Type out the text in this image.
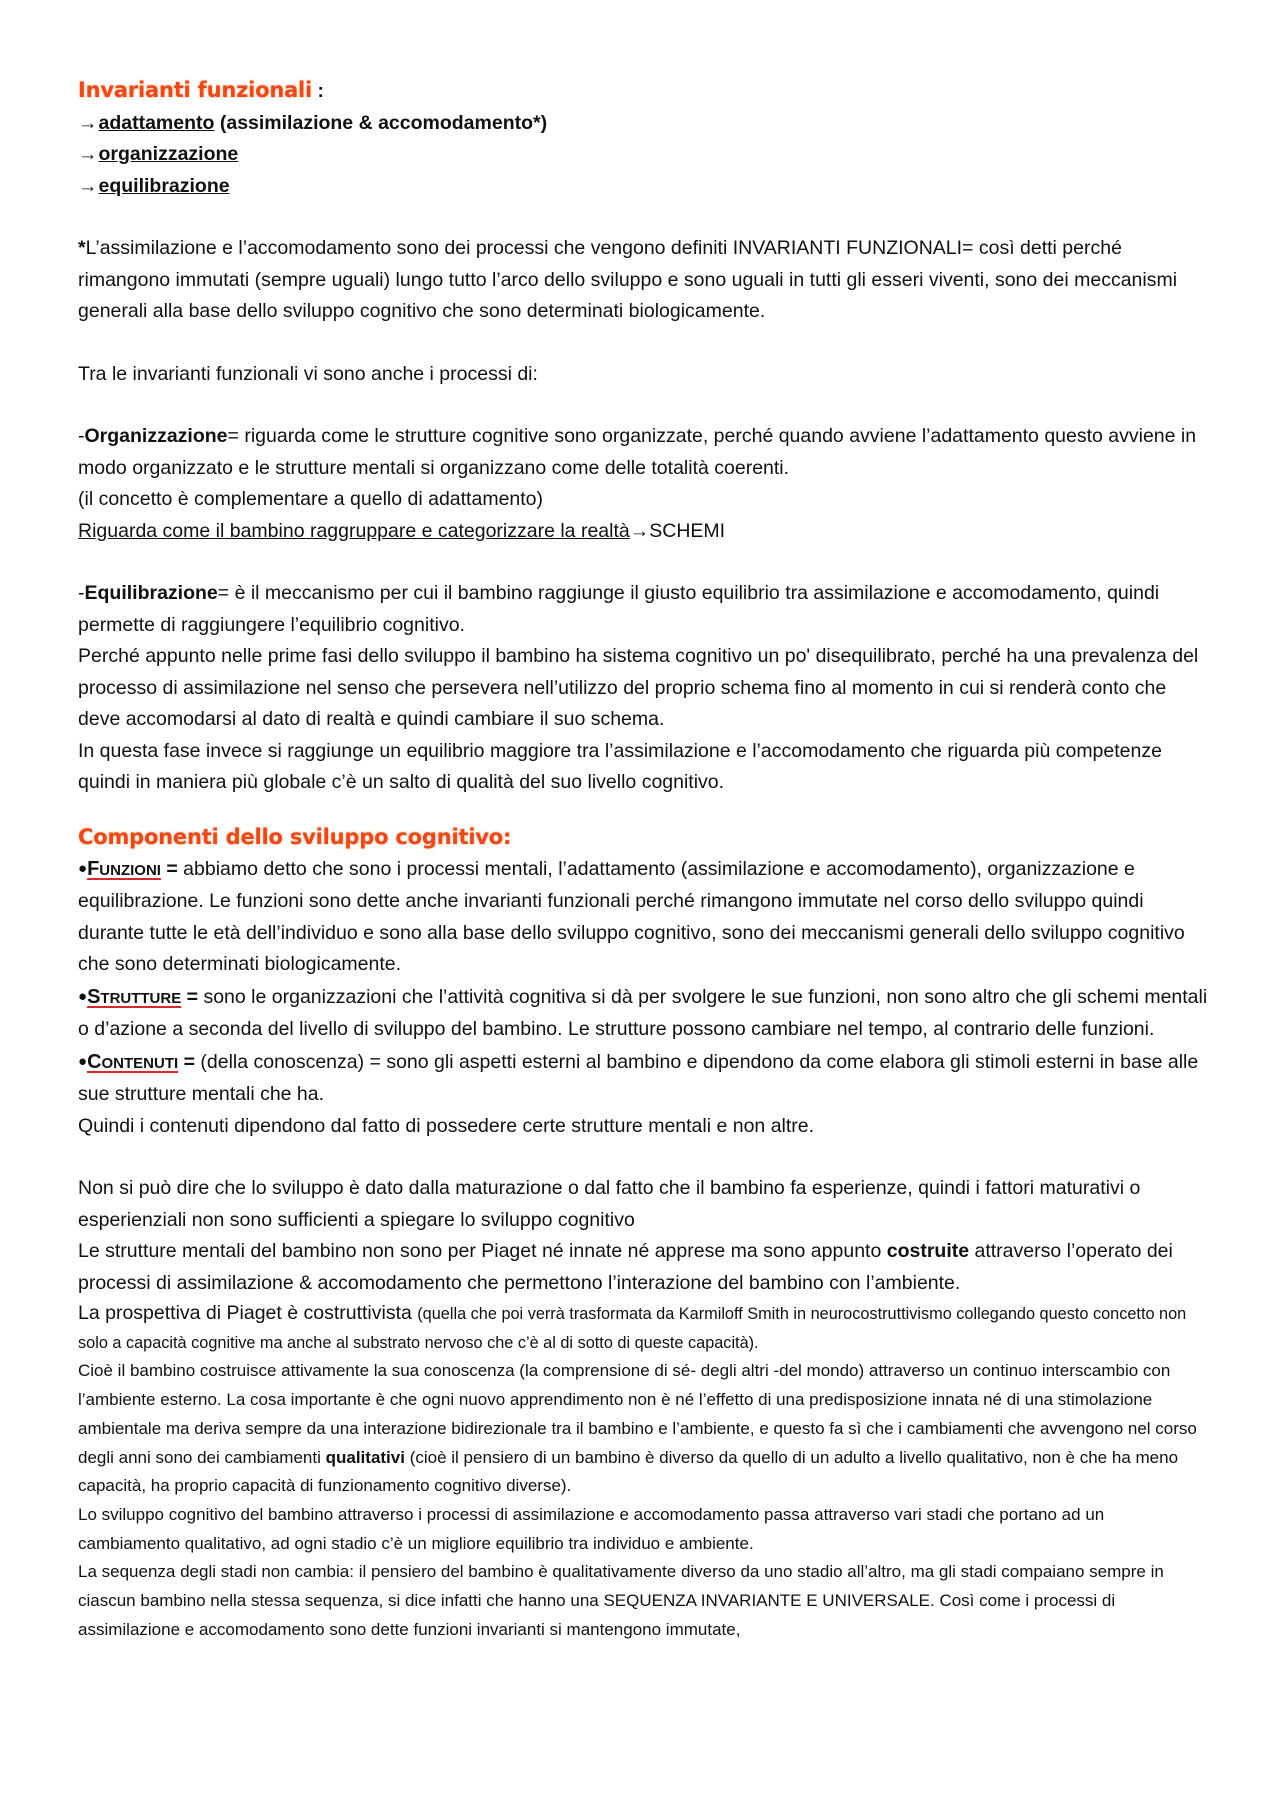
Invarianti funzionali :
→adattamento (assimilazione & accomodamento*)
→organizzazione
→equilibrazione

*L’assimilazione e l’accomodamento sono dei processi che vengono definiti INVARIANTI FUNZIONALI= così detti perché rimangono immutati (sempre uguali) lungo tutto l’arco dello sviluppo e sono uguali in tutti gli esseri viventi, sono dei meccanismi generali alla base dello sviluppo cognitivo che sono determinati biologicamente.

Tra le invarianti funzionali vi sono anche i processi di:

-Organizzazione= riguarda come le strutture cognitive sono organizzate, perché quando avviene l’adattamento questo avviene in modo organizzato e le strutture mentali si organizzano come delle totalità coerenti.

(il concetto è complementare a quello di adattamento)

Riguarda come il bambino raggruppare e categorizzare la realtà→SCHEMI

-Equilibrazione= è il meccanismo per cui il bambino raggiunge il giusto equilibrio tra assimilazione e accomodamento, quindi permette di raggiungere l’equilibrio cognitivo.

Perché appunto nelle prime fasi dello sviluppo il bambino ha sistema cognitivo un po' disequilibrato, perché ha una prevalenza del processo di assimilazione nel senso che persevera nell’utilizzo del proprio schema fino al momento in cui si renderà conto che deve accomodarsi al dato di realtà e quindi cambiare il suo schema.

In questa fase invece si raggiunge un equilibrio maggiore tra l’assimilazione e l’accomodamento che riguarda più competenze quindi in maniera più globale c’è un salto di qualità del suo livello cognitivo.

Componenti dello sviluppo cognitivo:

●FUNZIONI = abbiamo detto che sono i processi mentali, l’adattamento (assimilazione e accomodamento), organizzazione e equilibrazione. Le funzioni sono dette anche invarianti funzionali perché rimangono immutate nel corso dello sviluppo quindi durante tutte le età dell’individuo e sono alla base dello sviluppo cognitivo, sono dei meccanismi generali dello sviluppo cognitivo che sono determinati biologicamente.

●STRUTTURE = sono le organizzazioni che l’attività cognitiva si dà per svolgere le sue funzioni, non sono altro che gli schemi mentali o d’azione a seconda del livello di sviluppo del bambino. Le strutture possono cambiare nel tempo, al contrario delle funzioni.

●CONTENUTI = (della conoscenza) = sono gli aspetti esterni al bambino e dipendono da come elabora gli stimoli esterni in base alle sue strutture mentali che ha.

Quindi i contenuti dipendono dal fatto di possedere certe strutture mentali e non altre.

Non si può dire che lo sviluppo è dato dalla maturazione o dal fatto che il bambino fa esperienze, quindi i fattori maturativi o esperienziali non sono sufficienti a spiegare lo sviluppo cognitivo

Le strutture mentali del bambino non sono per Piaget né innate né apprese ma sono appunto costruite attraverso l’operato dei processi di assimilazione & accomodamento che permettono l’interazione del bambino con l’ambiente.

La prospettiva di Piaget è costruttivista (quella che poi verrà trasformata da Karmiloff Smith in neurocostruttivismo collegando questo concetto non solo a capacità cognitive ma anche al substrato nervoso che c’è al di sotto di queste capacità).

Cioè il bambino costruisce attivamente la sua conoscenza (la comprensione di sé- degli altri -del mondo) attraverso un continuo interscambio con l’ambiente esterno. La cosa importante è che ogni nuovo apprendimento non è né l’effetto di una predisposizione innata né di una stimolazione ambientale ma deriva sempre da una interazione bidirezionale tra il bambino e l’ambiente, e questo fa sì che i cambiamenti che avvengono nel corso degli anni sono dei cambiamenti qualitativi (cioè il pensiero di un bambino è diverso da quello di un adulto a livello qualitativo, non è che ha meno capacità, ha proprio capacità di funzionamento cognitivo diverse).

Lo sviluppo cognitivo del bambino attraverso i processi di assimilazione e accomodamento passa attraverso vari stadi che portano ad un cambiamento qualitativo, ad ogni stadio c’è un migliore equilibrio tra individuo e ambiente.

La sequenza degli stadi non cambia: il pensiero del bambino è qualitativamente diverso da uno stadio all’altro, ma gli stadi compaiano sempre in ciascun bambino nella stessa sequenza, si dice infatti che hanno una SEQUENZA INVARIANTE E UNIVERSALE. Così come i processi di assimilazione e accomodamento sono dette funzioni invarianti si mantengono immutate,
